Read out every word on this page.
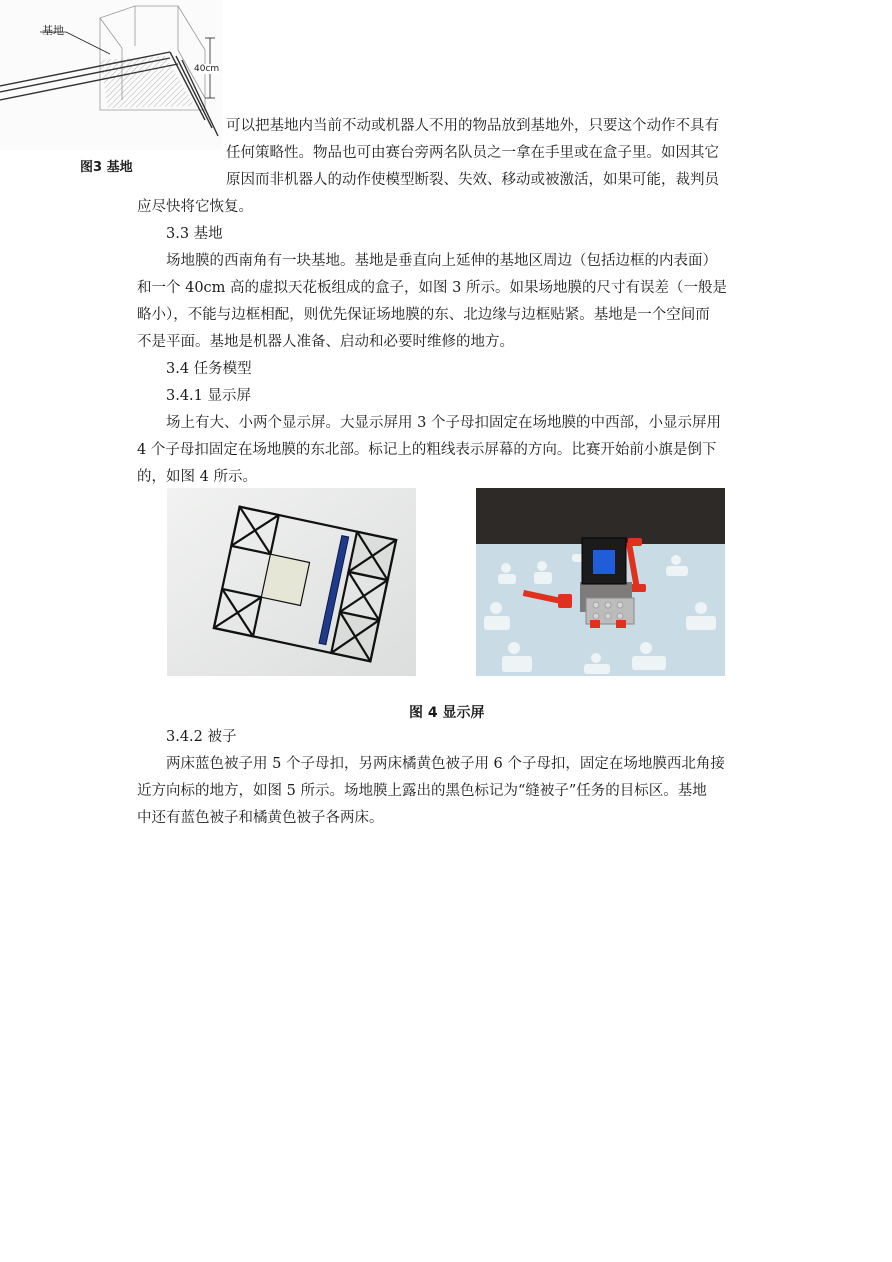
基地
40cm
图3 基地
可以把基地内当前不动或机器人不用的物品放到基地外，只要这个动作不具有
任何策略性。物品也可由赛台旁两名队员之一拿在手里或在盒子里。如因其它
原因而非机器人的动作使模型断裂、失效、移动或被激活，如果可能，裁判员
应尽快将它恢复。
3.3 基地
场地膜的西南角有一块基地。基地是垂直向上延伸的基地区周边（包括边框的内表面）
和一个 40cm 高的虚拟天花板组成的盒子，如图 3 所示。如果场地膜的尺寸有误差（一般是
略小），不能与边框相配，则优先保证场地膜的东、北边缘与边框贴紧。基地是一个空间而
不是平面。基地是机器人准备、启动和必要时维修的地方。
3.4 任务模型
3.4.1 显示屏
场上有大、小两个显示屏。大显示屏用 3 个子母扣固定在场地膜的中西部，小显示屏用
4 个子母扣固定在场地膜的东北部。标记上的粗线表示屏幕的方向。比赛开始前小旗是倒下
的，如图 4 所示。
图 4 显示屏
3.4.2 被子
两床蓝色被子用 5 个子母扣，另两床橘黄色被子用 6 个子母扣，固定在场地膜西北角接
近方向标的地方，如图 5 所示。场地膜上露出的黑色标记为“缝被子”任务的目标区。基地
中还有蓝色被子和橘黄色被子各两床。
